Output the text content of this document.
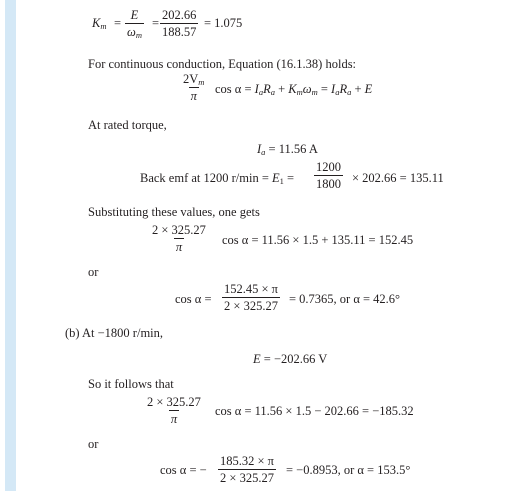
$K_m = \frac{E}{\omega_m} = \frac{202.66}{188.57} = 1.075$
For continuous conduction, Equation (16.1.38) holds:
$\frac{2V_m}{\pi}$ $\cos \alpha = I_aR_a + K_m\omega_m = I_aR_a + E$
At rated torque,
$I_a = 11.56$ A
Back emf at 1200 $r/\min = E_1 = \frac{1200}{1800} \times 202.66 = 135.11$
Substituting these values, one gets
$\frac{2 \times 325.27}{\pi}$ cos α = 11.56 × 1.5 + 135.11 = 152.45
or
$\cos \alpha = \frac{152.45 \times \pi}{2 \times 325.27} = 0.7365$, or α = 42.6°
(b) At −1800 r/min,
E = −202.66 V
So it follows that
$\frac{2 \times 325.27}{\pi}$ cos α = 11.56 × 1.5 − 202.66 = −185.32
or
cos α = − $\frac{185.32 \times \pi}{2 \times 325.27} = -0.8953$, or α = 153.5°
